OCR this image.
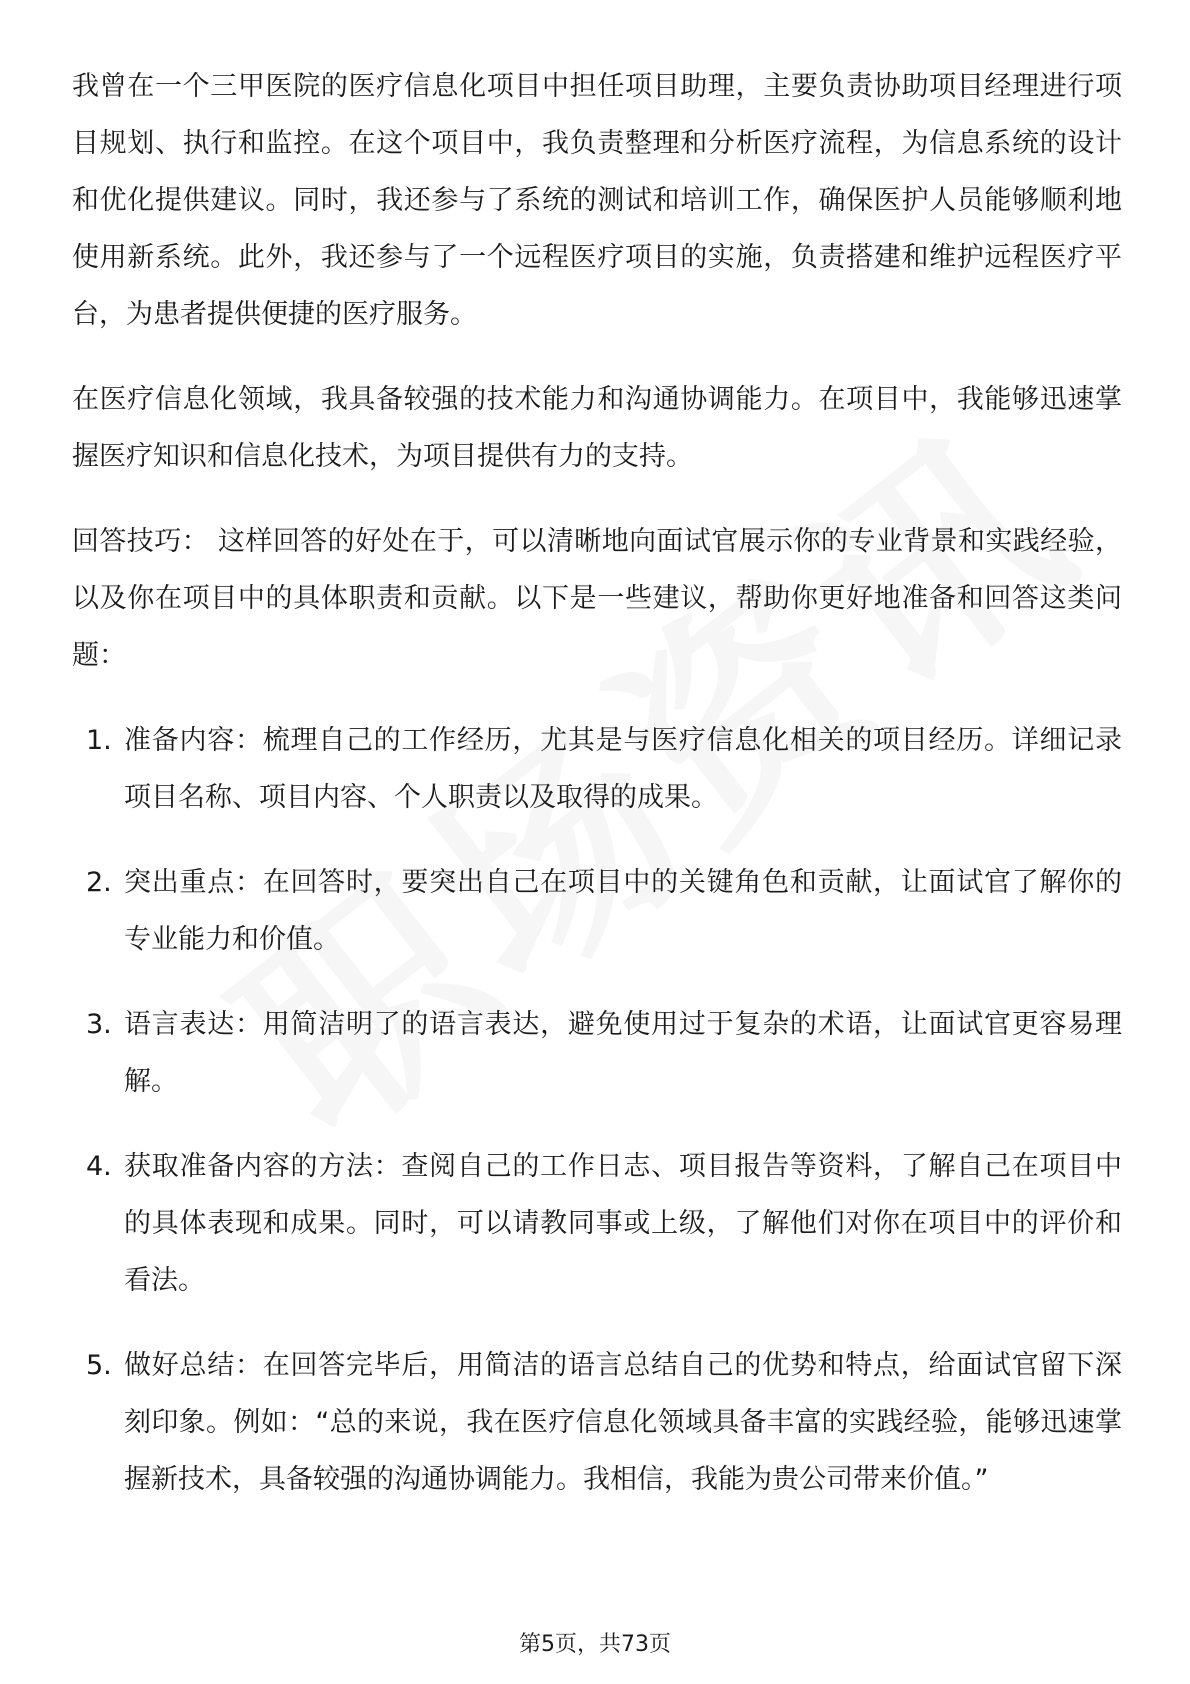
我曾在一个三甲医院的医疗信息化项目中担任项目助理，主要负责协助项目经理进行项目规划、执行和监控。在这个项目中，我负责整理和分析医疗流程，为信息系统的设计和优化提供建议。同时，我还参与了系统的测试和培训工作，确保医护人员能够顺利地使用新系统。此外，我还参与了一个远程医疗项目的实施，负责搭建和维护远程医疗平台，为患者提供便捷的医疗服务。

在医疗信息化领域，我具备较强的技术能力和沟通协调能力。在项目中，我能够迅速掌握医疗知识和信息化技术，为项目提供有力的支持。

回答技巧： 这样回答的好处在于，可以清晰地向面试官展示你的专业背景和实践经验，以及你在项目中的具体职责和贡献。以下是一些建议，帮助你更好地准备和回答这类问题：

1. 准备内容：梳理自己的工作经历，尤其是与医疗信息化相关的项目经历。详细记录项目名称、项目内容、个人职责以及取得的成果。
2. 突出重点：在回答时，要突出自己在项目中的关键角色和贡献，让面试官了解你的专业能力和价值。
3. 语言表达：用简洁明了的语言表达，避免使用过于复杂的术语，让面试官更容易理解。
4. 获取准备内容的方法：查阅自己的工作日志、项目报告等资料，了解自己在项目中的具体表现和成果。同时，可以请教同事或上级，了解他们对你在项目中的评价和看法。
5. 做好总结：在回答完毕后，用简洁的语言总结自己的优势和特点，给面试官留下深刻印象。例如：“总的来说，我在医疗信息化领域具备丰富的实践经验，能够迅速掌握新技术，具备较强的沟通协调能力。我相信，我能为贵公司带来价值。”
第5页，共73页
